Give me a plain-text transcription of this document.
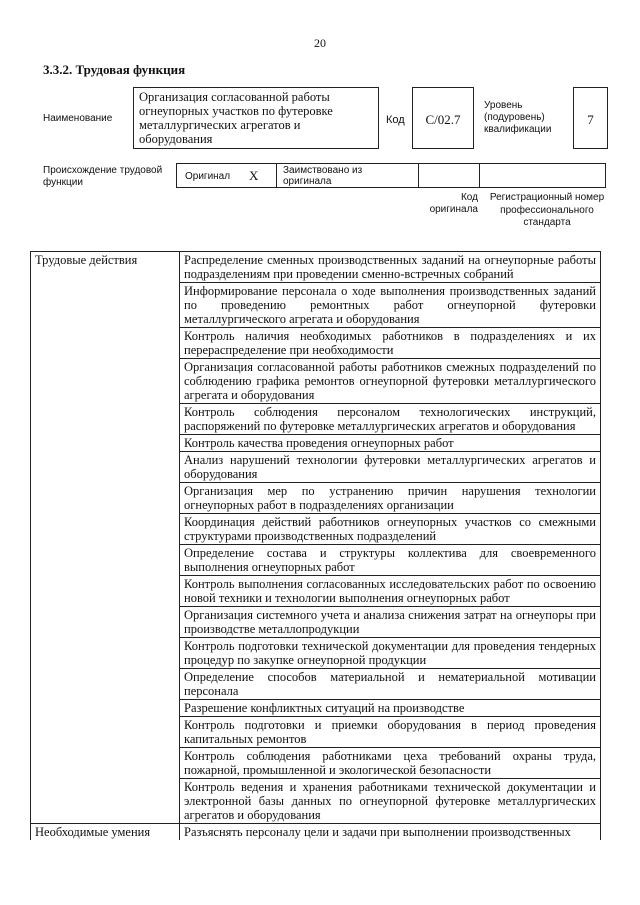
20
3.3.2. Трудовая функция
Наименование
Организация согласованной работы огнеупорных участков по футеровке металлургических агрегатов и оборудования
Код	C/02.7
Уровень (подуровень) квалификации
7
Происхождение трудовой функции
Оригинал X Заимствовано из оригинала
Код оригинала
Регистрационный номер профессионального стандарта
Трудовые действия	Распределение сменных производственных заданий на огнеупорные работы подразделениям при проведении сменно-встречных собраний
	Информирование персонала о ходе выполнения производственных заданий по проведению ремонтных работ огнеупорной футеровки металлургического агрегата и оборудования
	Контроль наличия необходимых работников в подразделениях и их перераспределение при необходимости
	Организация согласованной работы работников смежных подразделений по соблюдению графика ремонтов огнеупорной футеровки металлургического агрегата и оборудования
	Контроль соблюдения персоналом технологических инструкций, распоряжений по футеровке металлургических агрегатов и оборудования
	Контроль качества проведения огнеупорных работ
	Анализ нарушений технологии футеровки металлургических агрегатов и оборудования
	Организация мер по устранению причин нарушения технологии огнеупорных работ в подразделениях организации
	Координация действий работников огнеупорных участков со смежными структурами производственных подразделений
	Определение состава и структуры коллектива для своевременного выполнения огнеупорных работ
	Контроль выполнения согласованных исследовательских работ по освоению новой техники и технологии выполнения огнеупорных работ
	Организация системного учета и анализа снижения затрат на огнеупоры при производстве металлопродукции
	Контроль подготовки технической документации для проведения тендерных процедур по закупке огнеупорной продукции
	Определение способов материальной и нематериальной мотивации персонала
	Разрешение конфликтных ситуаций на производстве
	Контроль подготовки и приемки оборудования в период проведения капитальных ремонтов
	Контроль соблюдения работниками цеха требований охраны труда, пожарной, промышленной и экологической безопасности
	Контроль ведения и хранения работниками технической документации и электронной базы данных по огнеупорной футеровке металлургических агрегатов и оборудования
Необходимые умения	Разъяснять персоналу цели и задачи при выполнении производственных
